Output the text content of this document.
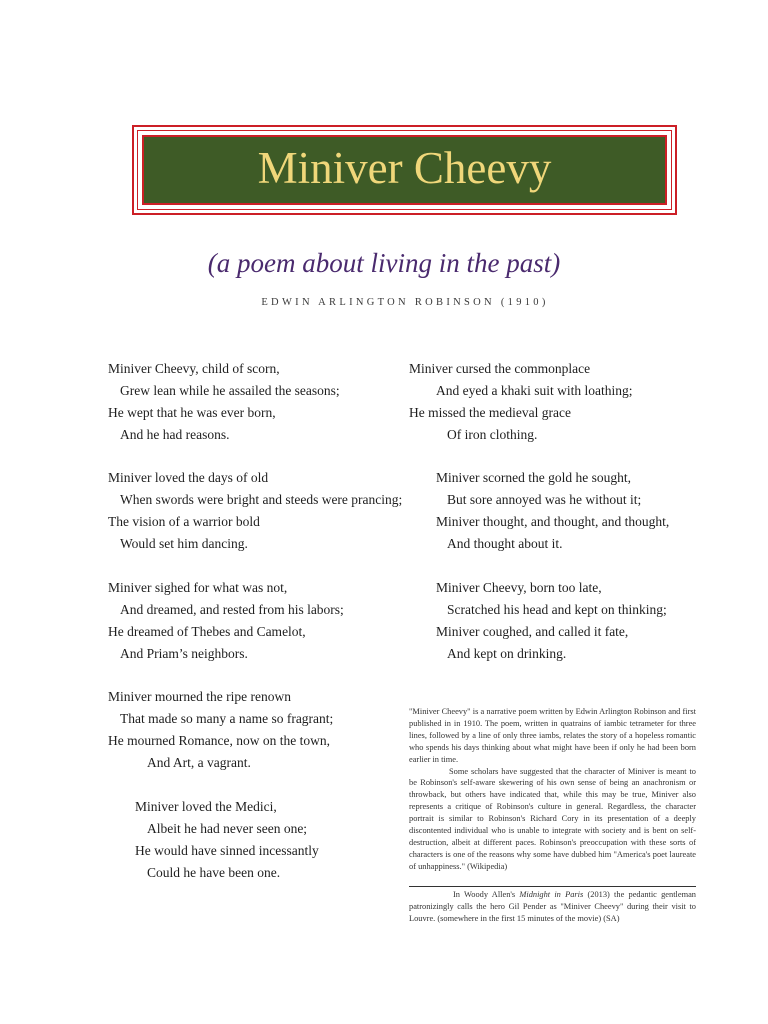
Miniver Cheevy
(a poem about living in the past)
EDWIN ARLINGTON ROBINSON (1910)
Miniver Cheevy, child of scorn,
Grew lean while he assailed the seasons;
He wept that he was ever born,
And he had reasons.
Miniver loved the days of old
When swords were bright and steeds were prancing;
The vision of a warrior bold
Would set him dancing.
Miniver sighed for what was not,
And dreamed, and rested from his labors;
He dreamed of Thebes and Camelot,
And Priam’s neighbors.
Miniver mourned the ripe renown
That made so many a name so fragrant;
He mourned Romance, now on the town,
And Art, a vagrant.
Miniver loved the Medici,
Albeit he had never seen one;
He would have sinned incessantly
Could he have been one.
Miniver cursed the commonplace
And eyed a khaki suit with loathing;
He missed the medieval grace
Of iron clothing.
Miniver scorned the gold he sought,
But sore annoyed was he without it;
Miniver thought, and thought, and thought,
And thought about it.
Miniver Cheevy, born too late,
Scratched his head and kept on thinking;
Miniver coughed, and called it fate,
And kept on drinking.

"Miniver Cheevy" is a narrative poem written by Edwin Arlington Robinson and first published in in 1910. The poem, written in quatrains of iambic tetrameter for three lines, followed by a line of only three iambs, relates the story of a hopeless romantic who spends his days thinking about what might have been if only he had been born earlier in time.

Some scholars have suggested that the character of Miniver is meant to be Robinson's self-aware skewering of his own sense of being an anachronism or throwback, but others have indicated that, while this may be true, Miniver also represents a critique of Robinson's culture in general. Regardless, the character portrait is similar to Robinson's Richard Cory in its presentation of a deeply discontented individual who is unable to integrate with society and is bent on self-destruction, albeit at different paces. Robinson's preoccupation with these sorts of characters is one of the reasons why some have dubbed him "America's poet laureate of unhappiness." (Wikipedia)

In Woody Allen's Midnight in Paris (2013) the pedantic gentleman patronizingly calls the hero Gil Pender as "Miniver Cheevy" during their visit to Louvre. (somewhere in the first 15 minutes of the movie) (SA)
